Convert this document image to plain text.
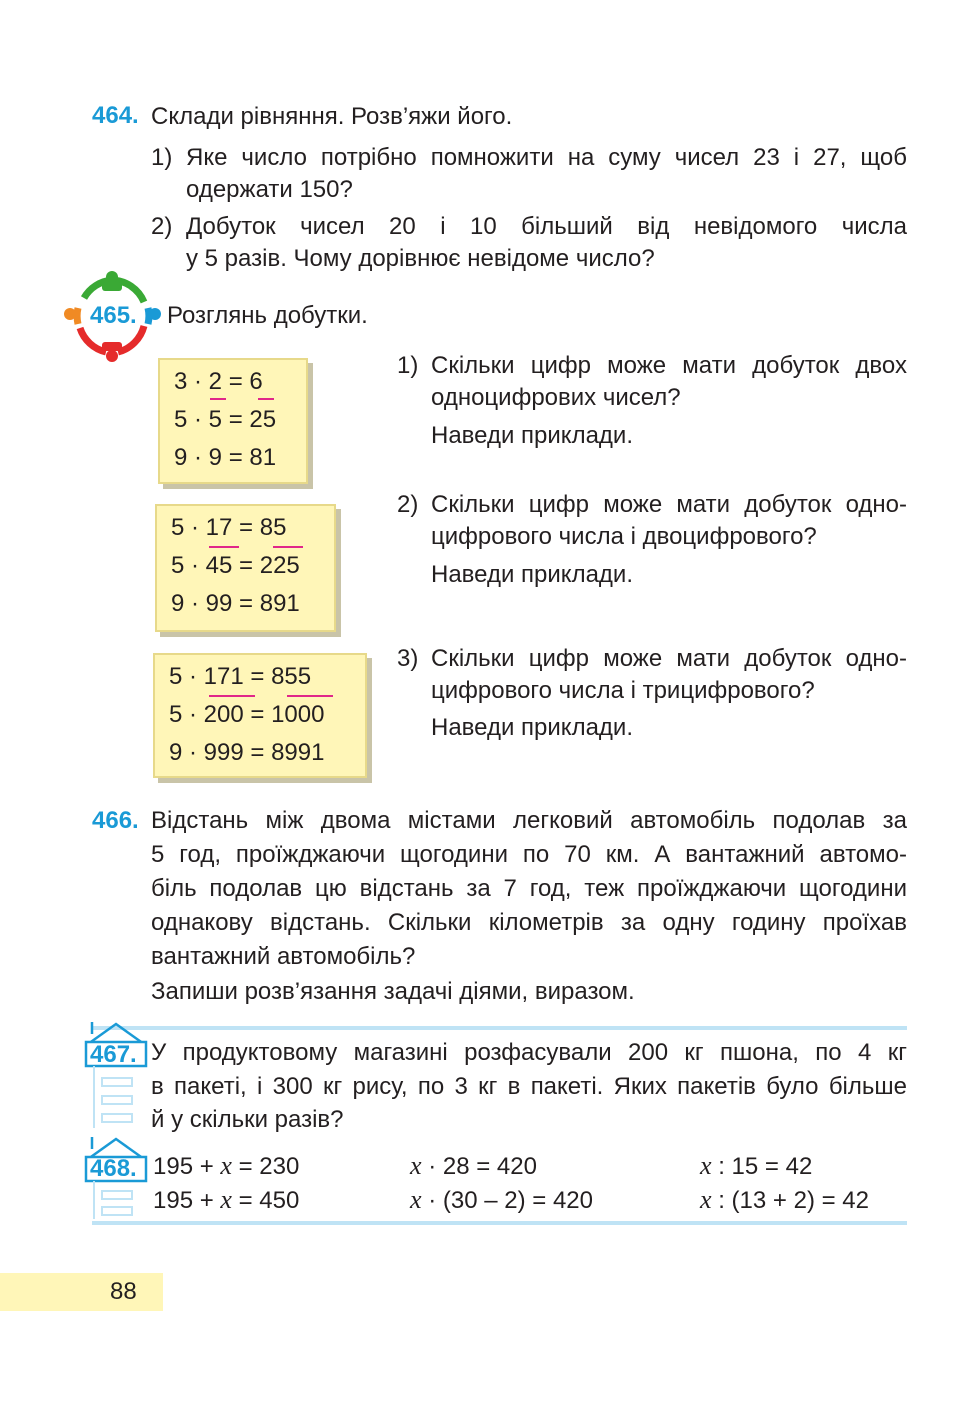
464. Склади рівняння. Розв’яжи його.
1) Яке число потрібно помножити на суму чисел 23 і 27, щоб
одержати 150?
2) Добуток чисел 20 і 10 більший від невідомого числа
у 5 разів. Чому дорівнює невідоме число?
465. Розглянь добутки.
3 · 2 = 6
5 · 5 = 25
9 · 9 = 81
5 · 17 = 85
5 · 45 = 225
9 · 99 = 891
5 · 171 = 855
5 · 200 = 1000
9 · 999 = 8991
1) Скільки цифр може мати добуток двох
одноцифрових чисел?
Наведи приклади.
2) Скільки цифр може мати добуток одно-
цифрового числа і двоцифрового?
Наведи приклади.
3) Скільки цифр може мати добуток одно-
цифрового числа і трицифрового?
Наведи приклади.
466. Відстань між двома містами легковий автомобіль подолав за
5 год, проїжджаючи щогодини по 70 км. А вантажний автомо-
біль подолав цю відстань за 7 год, теж проїжджаючи щогодини
однакову відстань. Скільки кілометрів за одну годину проїхав
вантажний автомобіль?
Запиши розв’язання задачі діями, виразом.
467. У продуктовому магазині розфасували 200 кг пшона, по 4 кг
в пакеті, і 300 кг рису, по 3 кг в пакеті. Яких пакетів було більше
й у скільки разів?
468. 195 + x = 230	x · 28 = 420	x : 15 = 42
195 + x = 450	x · (30 – 2) = 420	x : (13 + 2) = 42
88
